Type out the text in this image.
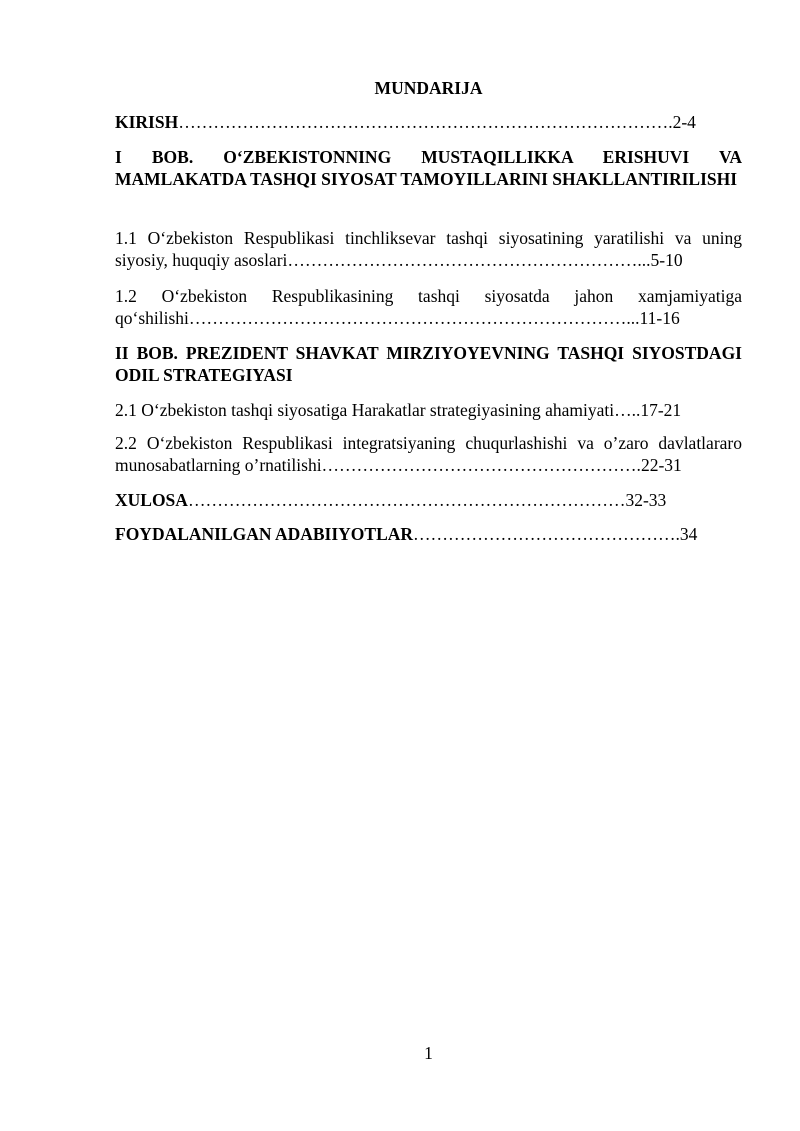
MUNDARIJA

KIRISH………………………………………………………………………….2-4

I BOB. O‘ZBEKISTONNING MUSTAQILLIKKA ERISHUVI VA MAMLAKATDA TASHQI SIYOSAT TAMOYILLARINI SHAKLLANTIRILISHI

1.1 O‘zbekiston Respublikasi tinchliksevar tashqi siyosatining yaratilishi va uning siyosiy, huquqiy asoslari……………………………………………………...5-10

1.2 O‘zbekiston Respublikasining tashqi siyosatda jahon xamjamiyatiga qo‘shilishi…………………………………………………………………...11-16

II BOB. PREZIDENT SHAVKAT MIRZIYOYEVNING TASHQI SIYOSTDAGI ODIL STRATEGIYASI

2.1 O‘zbekiston tashqi siyosatiga Harakatlar strategiyasining ahamiyati…..17-21

2.2 O‘zbekiston Respublikasi integratsiyaning chuqurlashishi va o’zaro davlatlararo munosabatlarning o’rnatilishi……………………………………………….22-31

XULOSA…………………………………………………………………32-33

FOYDALANILGAN ADABIIYOTLAR……………………………………….34

1
